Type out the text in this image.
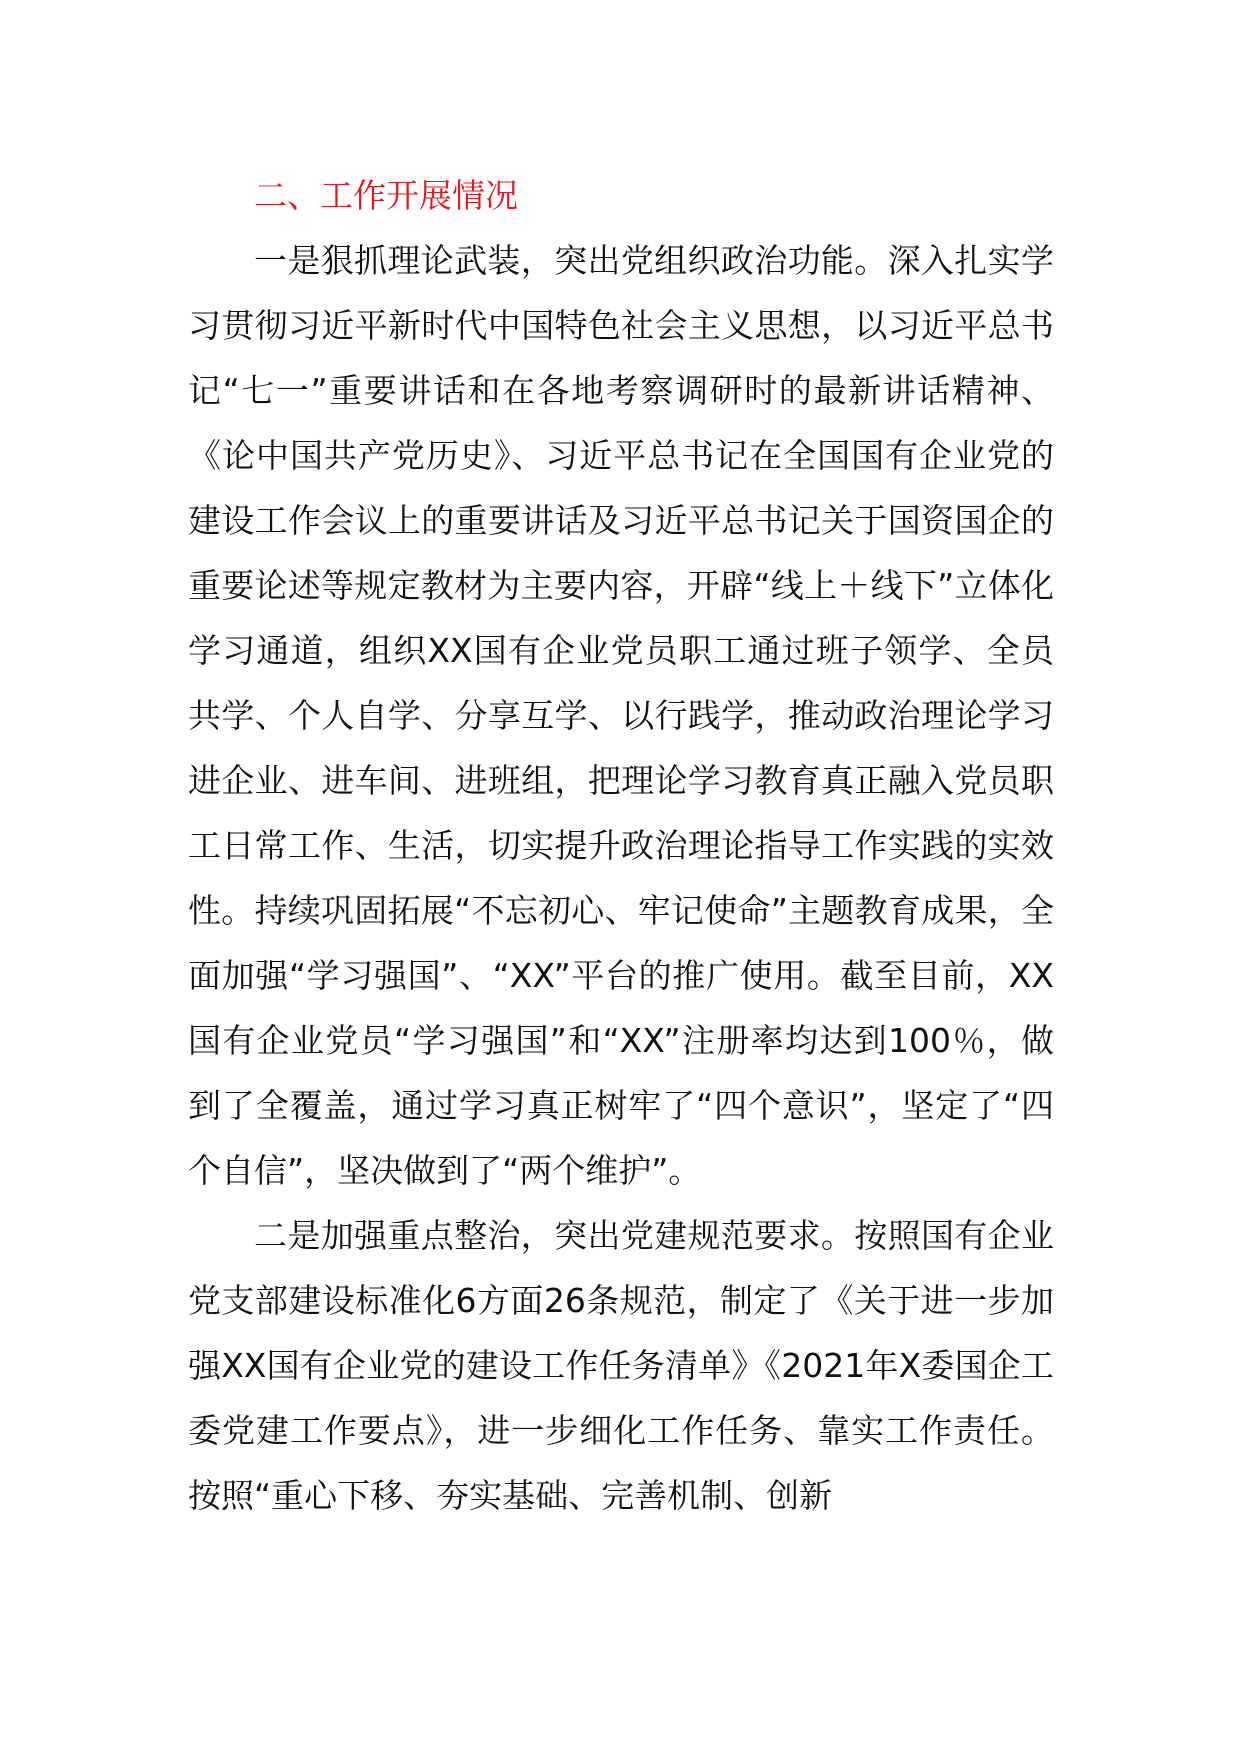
二、工作开展情况

一是狠抓理论武装，突出党组织政治功能。深入扎实学习贯彻习近平新时代中国特色社会主义思想，以习近平总书记“七一”重要讲话和在各地考察调研时的最新讲话精神、《论中国共产党历史》、习近平总书记在全国国有企业党的建设工作会议上的重要讲话及习近平总书记关于国资国企的重要论述等规定教材为主要内容，开辟“线上＋线下”立体化学习通道，组织XX国有企业党员职工通过班子领学、全员共学、个人自学、分享互学、以行践学，推动政治理论学习进企业、进车间、进班组，把理论学习教育真正融入党员职工日常工作、生活，切实提升政治理论指导工作实践的实效性。持续巩固拓展“不忘初心、牢记使命”主题教育成果，全面加强“学习强国”、“XX”平台的推广使用。截至目前，XX国有企业党员“学习强国”和“XX”注册率均达到100％，做到了全覆盖，通过学习真正树牢了“四个意识”，坚定了“四个自信”，坚决做到了“两个维护”。

二是加强重点整治，突出党建规范要求。按照国有企业党支部建设标准化6方面26条规范，制定了《关于进一步加强XX国有企业党的建设工作任务清单》《2021年X委国企工委党建工作要点》，进一步细化工作任务、靠实工作责任。按照“重心下移、夯实基础、完善机制、创新
